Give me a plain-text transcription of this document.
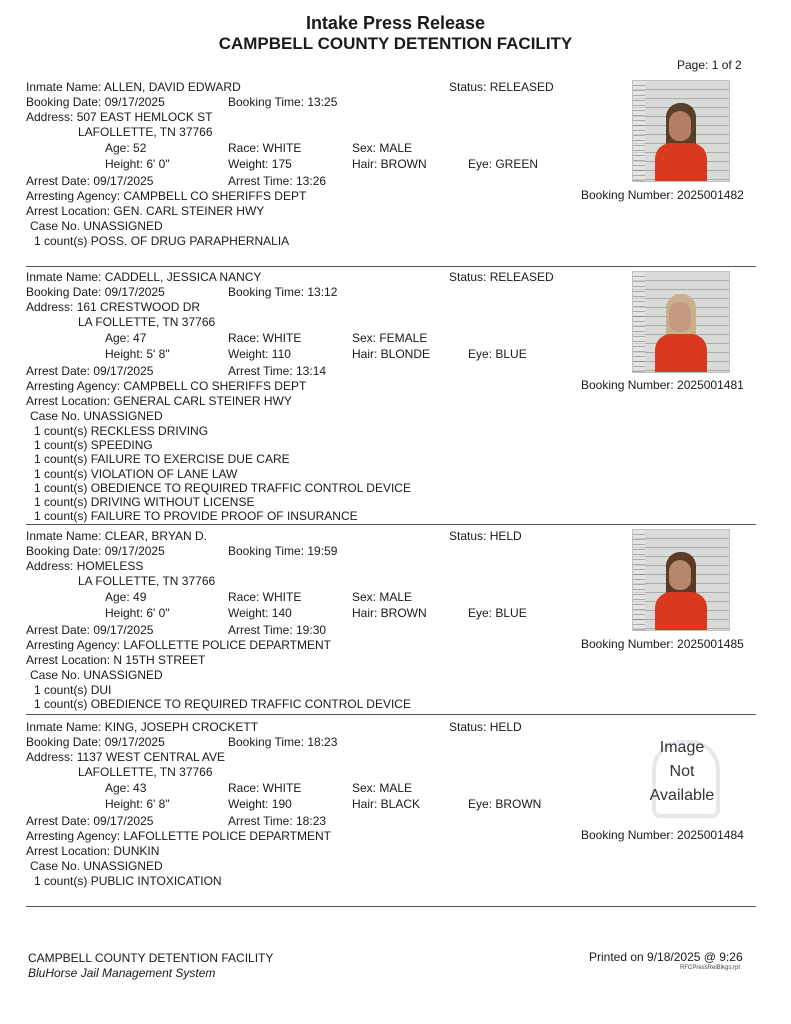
Intake Press Release
CAMPBELL COUNTY DETENTION FACILITY
Page: 1 of 2
Inmate Name: ALLEN, DAVID EDWARD	Status: RELEASED
Booking Date: 09/17/2025	Booking Time: 13:25
Address: 507 EAST HEMLOCK ST
LAFOLLETTE, TN 37766
Age: 52	Race: WHITE	Sex: MALE
Height: 6' 0"	Weight: 175	Hair: BROWN	Eye: GREEN
Arrest Date: 09/17/2025	Arrest Time: 13:26
Arresting Agency: CAMPBELL CO SHERIFFS DEPT
Arrest Location: GEN. CARL STEINER HWY
Case No. UNASSIGNED
Booking Number: 2025001482
1 count(s) POSS. OF DRUG PARAPHERNALIA
Inmate Name: CADDELL, JESSICA NANCY	Status: RELEASED
Booking Date: 09/17/2025	Booking Time: 13:12
Address: 161 CRESTWOOD DR
LA FOLLETTE, TN 37766
Age: 47	Race: WHITE	Sex: FEMALE
Height: 5' 8"	Weight: 110	Hair: BLONDE	Eye: BLUE
Arrest Date: 09/17/2025	Arrest Time: 13:14
Arresting Agency: CAMPBELL CO SHERIFFS DEPT
Arrest Location: GENERAL CARL STEINER HWY
Case No. UNASSIGNED
Booking Number: 2025001481
1 count(s) RECKLESS DRIVING
1 count(s) SPEEDING
1 count(s) FAILURE TO EXERCISE DUE CARE
1 count(s) VIOLATION OF LANE LAW
1 count(s) OBEDIENCE TO REQUIRED TRAFFIC CONTROL DEVICE
1 count(s) DRIVING WITHOUT LICENSE
1 count(s) FAILURE TO PROVIDE PROOF OF INSURANCE
Inmate Name: CLEAR, BRYAN D.	Status: HELD
Booking Date: 09/17/2025	Booking Time: 19:59
Address: HOMELESS
LA FOLLETTE, TN 37766
Age: 49	Race: WHITE	Sex: MALE
Height: 6' 0"	Weight: 140	Hair: BROWN	Eye: BLUE
Arrest Date: 09/17/2025	Arrest Time: 19:30
Arresting Agency: LAFOLLETTE POLICE DEPARTMENT
Arrest Location: N 15TH STREET
Case No. UNASSIGNED
Booking Number: 2025001485
1 count(s) DUI
1 count(s) OBEDIENCE TO REQUIRED TRAFFIC CONTROL DEVICE
Inmate Name: KING, JOSEPH CROCKETT	Status: HELD
Booking Date: 09/17/2025	Booking Time: 18:23
Address: 1137 WEST CENTRAL AVE
LAFOLLETTE, TN 37766
Age: 43	Race: WHITE	Sex: MALE
Height: 6' 8"	Weight: 190	Hair: BLACK	Eye: BROWN
Arrest Date: 09/17/2025	Arrest Time: 18:23
Arresting Agency: LAFOLLETTE POLICE DEPARTMENT
Arrest Location: DUNKIN
Case No. UNASSIGNED
Booking Number: 2025001484
1 count(s) PUBLIC INTOXICATION
Image
Not
Available
CAMPBELL COUNTY DETENTION FACILITY
BluHorse Jail Management System
Printed on 9/18/2025 @ 9:26
RFCPressRelBlkgs.rpt
